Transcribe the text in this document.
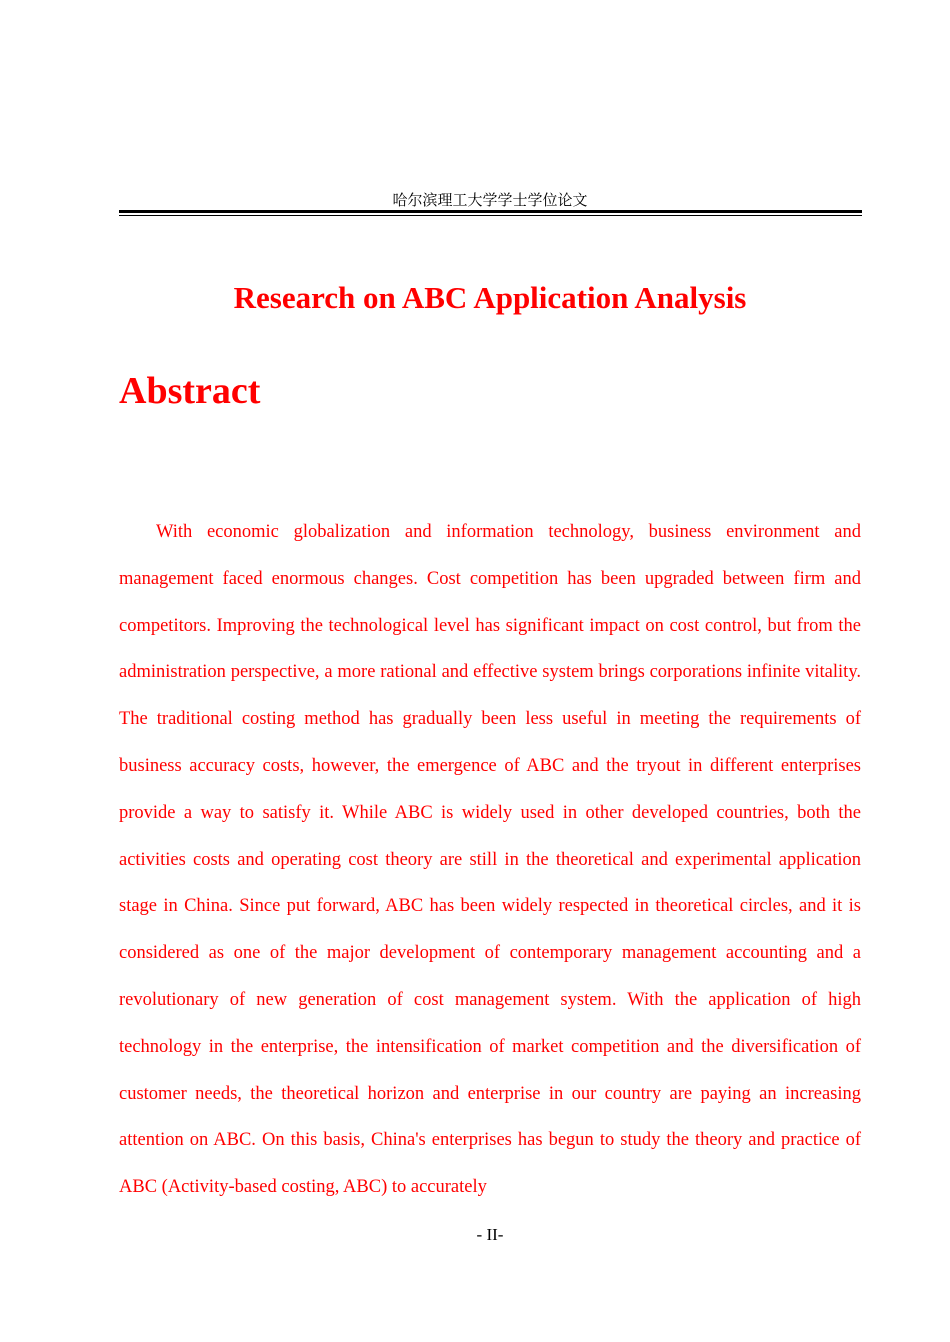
哈尔滨理工大学学士学位论文
Research on ABC Application Analysis
Abstract

With economic globalization and information technology, business environment and management faced enormous changes. Cost competition has been upgraded between firm and competitors. Improving the technological level has significant impact on cost control, but from the administration perspective, a more rational and effective system brings corporations infinite vitality. The traditional costing method has gradually been less useful in meeting the requirements of business accuracy costs, however, the emergence of ABC and the tryout in different enterprises provide a way to satisfy it. While ABC is widely used in other developed countries, both the activities costs and operating cost theory are still in the theoretical and experimental application stage in China. Since put forward, ABC has been widely respected in theoretical circles, and it is considered as one of the major development of contemporary management accounting and a revolutionary of new generation of cost management system. With the application of high technology in the enterprise, the intensification of market competition and the diversification of customer needs, the theoretical horizon and enterprise in our country are paying an increasing attention on ABC. On this basis, China's enterprises has begun to study the theory and practice of ABC (Activity-based costing, ABC) to accurately

- II-
